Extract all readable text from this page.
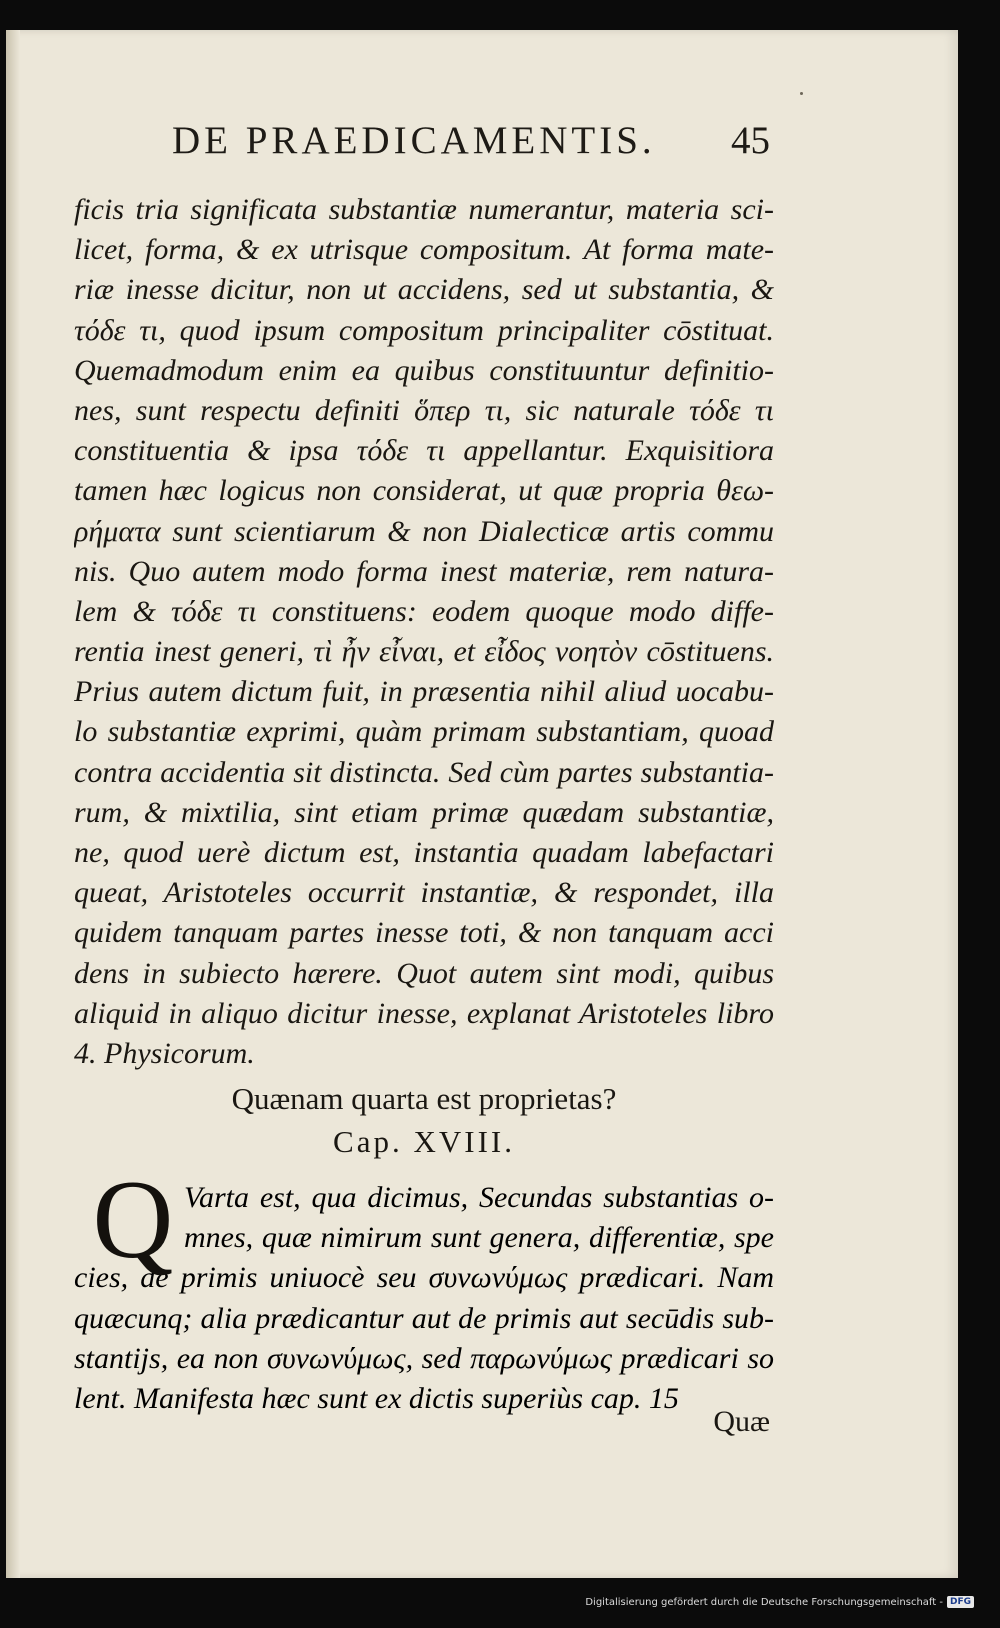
DE PRAEDICAMENTIS. 45
ficis tria significata substantiæ numerantur, materia sci-
licet, forma, & ex utrisque compositum. At forma mate-
riæ inesse dicitur, non ut accidens, sed ut substantia, &
τόδε τι, quod ipsum compositum principaliter cōstituat.
Quemadmodum enim ea quibus constituuntur definitio-
nes, sunt respectu definiti ὅπερ τι, sic naturale τόδε τι
constituentia & ipsa τόδε τι appellantur. Exquisitiora
tamen hæc logicus non considerat, ut quæ propria θεω-
ρήματα sunt scientiarum & non Dialecticæ artis commu
nis. Quo autem modo forma inest materiæ, rem natura-
lem & τόδε τι constituens: eodem quoque modo diffe-
rentia inest generi, τὶ ἦν εἶναι, et εἶδος νοητὸν cōstituens.
Prius autem dictum fuit, in præsentia nihil aliud uocabu-
lo substantiæ exprimi, quàm primam substantiam, quoad
contra accidentia sit distincta. Sed cùm partes substantia-
rum, & mixtilia, sint etiam primæ quædam substantiæ,
ne, quod uerè dictum est, instantia quadam labefactari
queat, Aristoteles occurrit instantiæ, & respondet, illa
quidem tanquam partes inesse toti, & non tanquam acci
dens in subiecto hærere. Quot autem sint modi, quibus
aliquid in aliquo dicitur inesse, explanat Aristoteles libro
4. Physicorum.
Quænam quarta est proprietas?
Cap. XVIII.
Q Varta est, qua dicimus, Secundas substantias o-
mnes, quæ nimirum sunt genera, differentiæ, spe
cies, de primis uniuocè seu συνωνύμως prædicari. Nam
quæcunq; alia prædicantur aut de primis aut secūdis sub-
stantijs, ea non συνωνύμως, sed παρωνύμως prædicari so
lent. Manifesta hæc sunt ex dictis superiùs cap. 15
Quæ
Digitalisierung gefördert durch die Deutsche Forschungsgemeinschaft - DFG
